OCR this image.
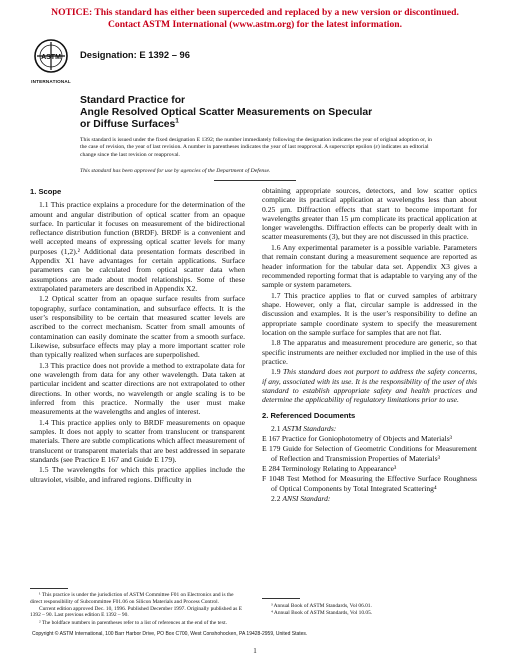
NOTICE: This standard has either been superceded and replaced by a new version or discontinued.
Contact ASTM International (www.astm.org) for the latest information.
ASTM
INTERNATIONAL
Designation: E 1392 – 96
Standard Practice for
Angle Resolved Optical Scatter Measurements on Specular
or Diffuse Surfaces$^1$
This standard is issued under the fixed designation E 1392; the number immediately following the designation indicates the year of original adoption or, in the case of revision, the year of last revision. A number in parentheses indicates the year of last reapproval. A superscript epsilon (ε) indicates an editorial change since the last revision or reapproval.
This standard has been approved for use by agencies of the Department of Defense.
1. Scope

1.1 This practice explains a procedure for the determination of the amount and angular distribution of optical scatter from an opaque surface. In particular it focuses on measurement of the bidirectional reflectance distribution function (BRDF). BRDF is a convenient and well accepted means of expressing optical scatter levels for many purposes (1,2).² Additional data presentation formats described in Appendix X1 have advantages for certain applications. Surface parameters can be calculated from optical scatter data when assumptions are made about model relationships. Some of these extrapolated parameters are described in Appendix X2.

1.2 Optical scatter from an opaque surface results from surface topography, surface contamination, and subsurface effects. It is the user’s responsibility to be certain that measured scatter levels are ascribed to the correct mechanism. Scatter from small amounts of contamination can easily dominate the scatter from a smooth surface. Likewise, subsurface effects may play a more important scatter role than typically realized when surfaces are superpolished.

1.3 This practice does not provide a method to extrapolate data for one wavelength from data for any other wavelength. Data taken at particular incident and scatter directions are not extrapolated to other directions. In other words, no wavelength or angle scaling is to be inferred from this practice. Normally the user must make measurements at the wavelengths and angles of interest.

1.4 This practice applies only to BRDF measurements on opaque samples. It does not apply to scatter from translucent or transparent materials. There are subtle complications which affect measurement of translucent or transparent materials that are best addressed in separate standards (see Practice E 167 and Guide E 179).

1.5 The wavelengths for which this practice applies include the ultraviolet, visible, and infrared regions. Difficulty in

¹ This practice is under the jurisdiction of ASTM Committee F01 on Electronics and is the direct responsibility of Subcommittee F01.06 on Silicon Materials and Process Control.

Current edition approved Dec. 10, 1996. Published December 1997. Originally published as E 1392 – 90. Last previous edition E 1392 – 90.

² The boldface numbers in parentheses refer to a list of references at the end of the text.

obtaining appropriate sources, detectors, and low scatter optics complicate its practical application at wavelengths less than about 0.25 μm. Diffraction effects that start to become important for wavelengths greater than 15 μm complicate its practical application at longer wavelengths. Diffraction effects can be properly dealt with in scatter measurements (3), but they are not discussed in this practice.

1.6 Any experimental parameter is a possible variable. Parameters that remain constant during a measurement sequence are reported as header information for the tabular data set. Appendix X3 gives a recommended reporting format that is adaptable to varying any of the sample or system parameters.

1.7 This practice applies to flat or curved samples of arbitrary shape. However, only a flat, circular sample is addressed in the discussion and examples. It is the user’s responsibility to define an appropriate sample coordinate system to specify the measurement location on the sample surface for samples that are not flat.

1.8 The apparatus and measurement procedure are generic, so that specific instruments are neither excluded nor implied in the use of this practice.

1.9 This standard does not purport to address the safety concerns, if any, associated with its use. It is the responsibility of the user of this standard to establish appropriate safety and health practices and determine the applicability of regulatory limitations prior to use.

2. Referenced Documents

2.1 ASTM Standards:

E 167 Practice for Goniophotometry of Objects and Materials³

E 179 Guide for Selection of Geometric Conditions for Measurement of Reflection and Transmission Properties of Materials³

E 284 Terminology Relating to Appearance³

F 1048 Test Method for Measuring the Effective Surface Roughness of Optical Components by Total Integrated Scattering⁴

2.2 ANSI Standard:

³ Annual Book of ASTM Standards, Vol 06.01.

⁴ Annual Book of ASTM Standards, Vol 10.05.

Copyright © ASTM International, 100 Barr Harbor Drive, PO Box C700, West Conshohocken, PA 19428-2959, United States.
1
